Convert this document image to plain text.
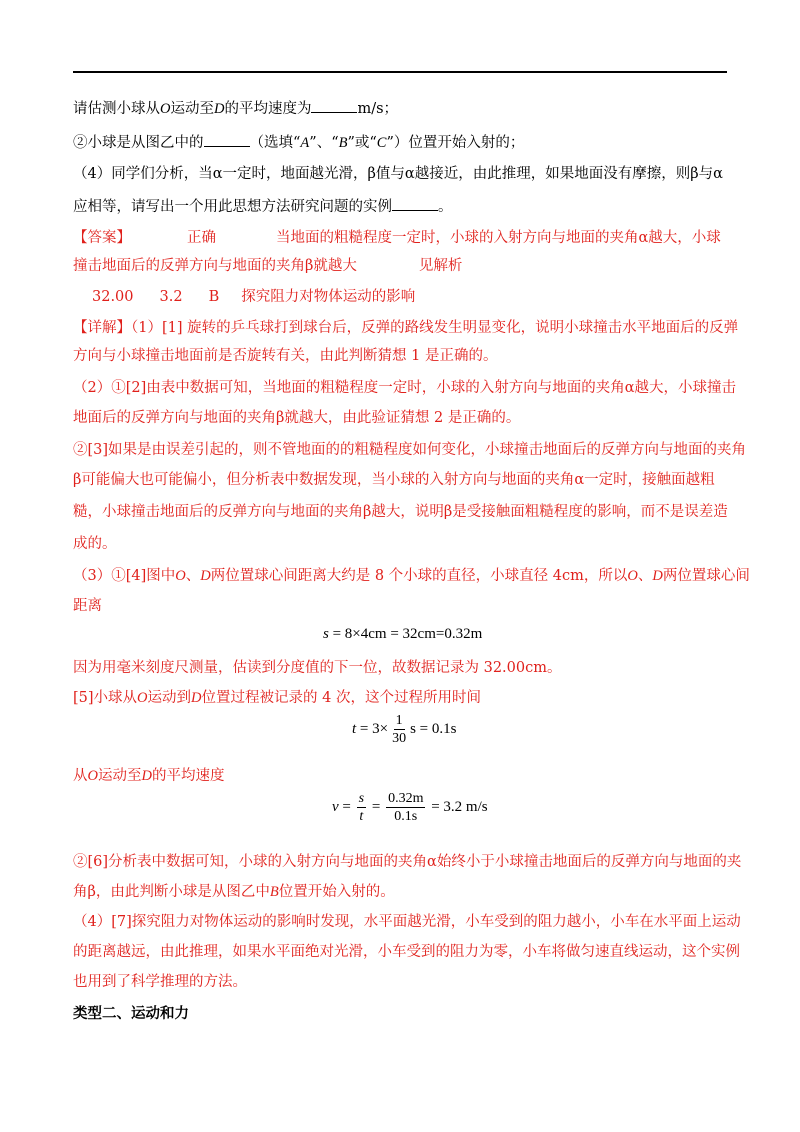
请估测小球从O运动至D的平均速度为	m/s；
②小球是从图乙中的	（选填“A”、“B”或“C”）位置开始入射的；
（4）同学们分析，当α一定时，地面越光滑，β值与α越接近，由此推理，如果地面没有摩擦，则β与α
应相等，请写出一个用此思想方法研究问题的实例	。
【答案】	正确	当地面的粗糙程度一定时，小球的入射方向与地面的夹角α越大，小球
撞击地面后的反弹方向与地面的夹角β就越大	见解析
32.00 3.2 B 探究阻力对物体运动的影响
【详解】（1）[1] 旋转的乒乓球打到球台后，反弹的路线发生明显变化，说明小球撞击水平地面后的反弹
方向与小球撞击地面前是否旋转有关，由此判断猜想 1 是正确的。
（2）①[2]由表中数据可知，当地面的粗糙程度一定时，小球的入射方向与地面的夹角α越大，小球撞击
地面后的反弹方向与地面的夹角β就越大，由此验证猜想 2 是正确的。
②[3]如果是由误差引起的，则不管地面的的粗糙程度如何变化，小球撞击地面后的反弹方向与地面的夹角
β可能偏大也可能偏小，但分析表中数据发现，当小球的入射方向与地面的夹角α一定时，接触面越粗
糙，小球撞击地面后的反弹方向与地面的夹角β越大，说明β是受接触面粗糙程度的影响，而不是误差造
成的。
（3）①[4]图中O、D两位置球心间距离大约是 8 个小球的直径，小球直径 4cm，所以O、D两位置球心间
距离
s = 8×4cm = 32cm=0.32m
因为用毫米刻度尺测量，估读到分度值的下一位，故数据记录为 32.00cm。
[5]小球从O运动到D位置过程被记录的 4 次，这个过程所用时间
$t = 3\times \frac{1}{30}$ s = 0.1s
从O运动至D的平均速度
$v = \frac{s}{t} = \frac{0.32m}{0.1s} = 3.2$ m/s
②[6]分析表中数据可知，小球的入射方向与地面的夹角α始终小于小球撞击地面后的反弹方向与地面的夹
角β，由此判断小球是从图乙中B位置开始入射的。
（4）[7]探究阻力对物体运动的影响时发现，水平面越光滑，小车受到的阻力越小，小车在水平面上运动
的距离越远，由此推理，如果水平面绝对光滑，小车受到的阻力为零，小车将做匀速直线运动，这个实例
也用到了科学推理的方法。
类型二、运动和力
